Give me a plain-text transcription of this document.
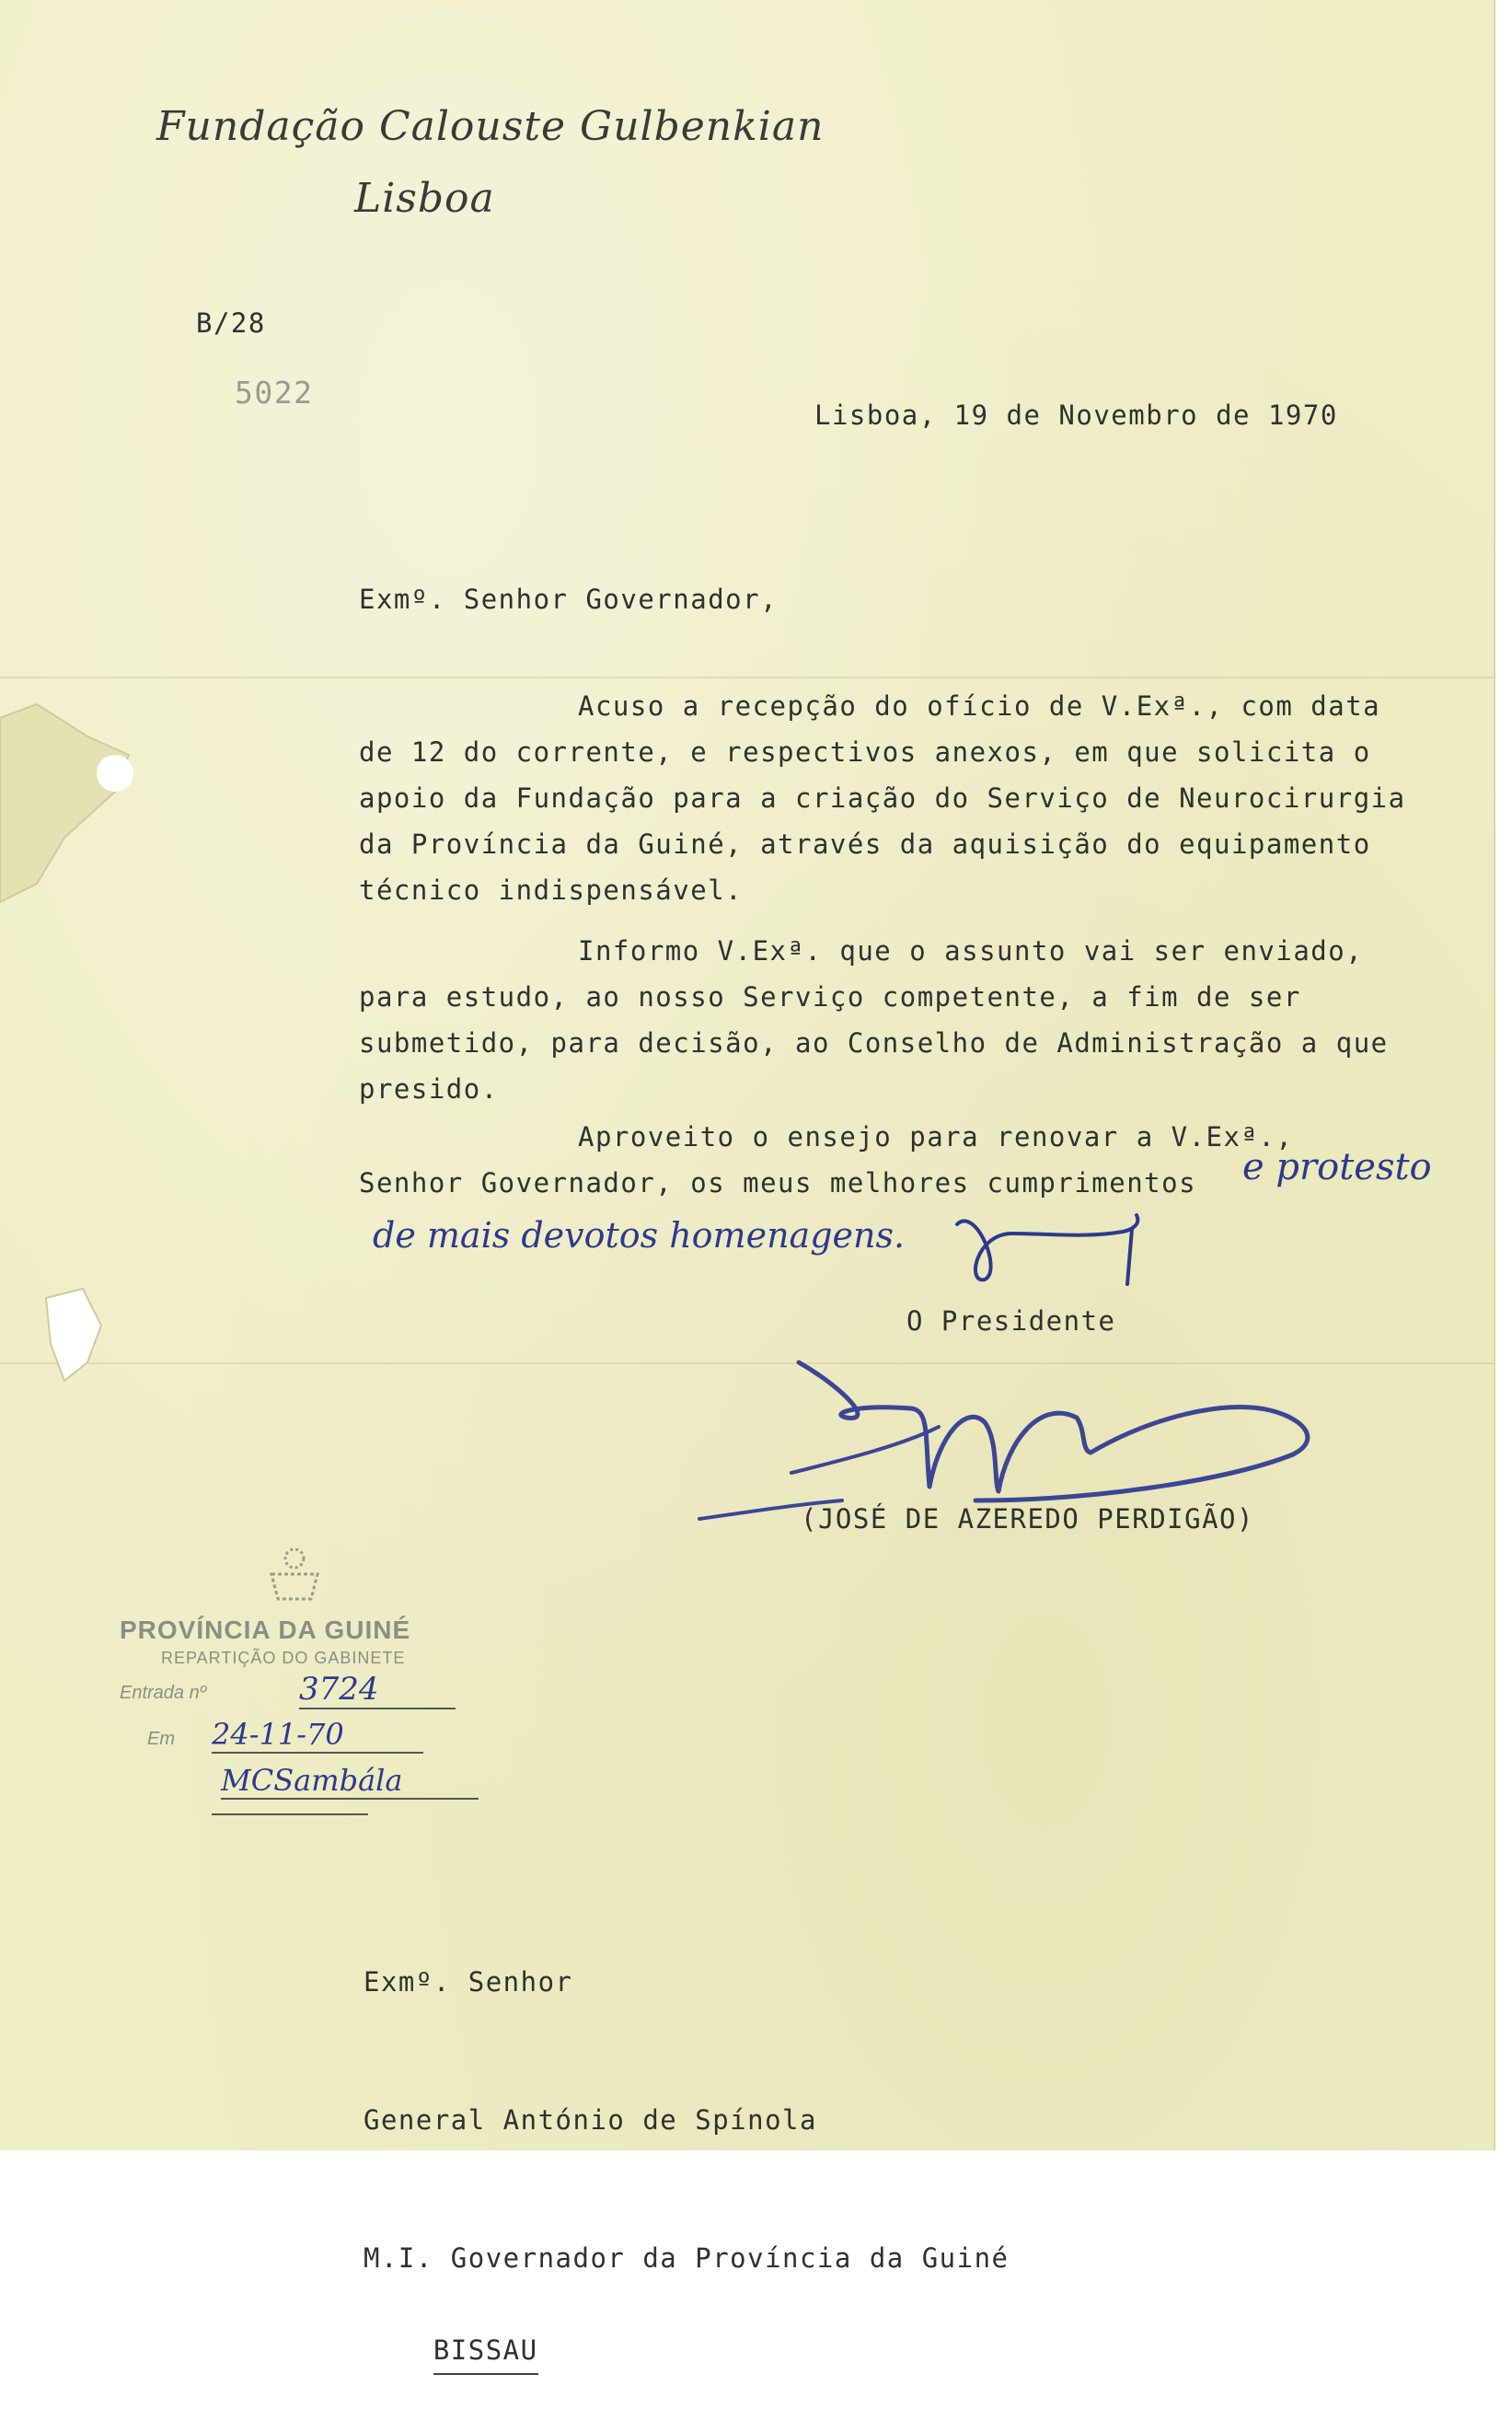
Fundação Calouste Gulbenkian
Lisboa
B/28
5022
Lisboa, 19 de Novembro de 1970
Exmº. Senhor Governador,
Acuso a recepção do ofício de V.Exª., com data
de 12 do corrente, e respectivos anexos, em que solicita o
apoio da Fundação para a criação do Serviço de Neurocirurgia
da Província da Guiné, através da aquisição do equipamento
técnico indispensável.
Informo V.Exª. que o assunto vai ser enviado,
para estudo, ao nosso Serviço competente, a fim de ser
submetido, para decisão, ao Conselho de Administração a que
presido.
Aproveito o ensejo para renovar a V.Exª.,
Senhor Governador, os meus melhores cumprimentos	e protesto
de mais devotos homenagens.
O Presidente
(JOSÉ DE AZEREDO PERDIGÃO)

PROVÍNCIA DA GUINÉ

REPARTIÇÃO DO GABINETE

Entrada nº

	3724

Em

24-11-70

MCSambála

Exmº. Senhor

General António de Spínola

M.I. Governador da Província da Guiné

BISSAU
